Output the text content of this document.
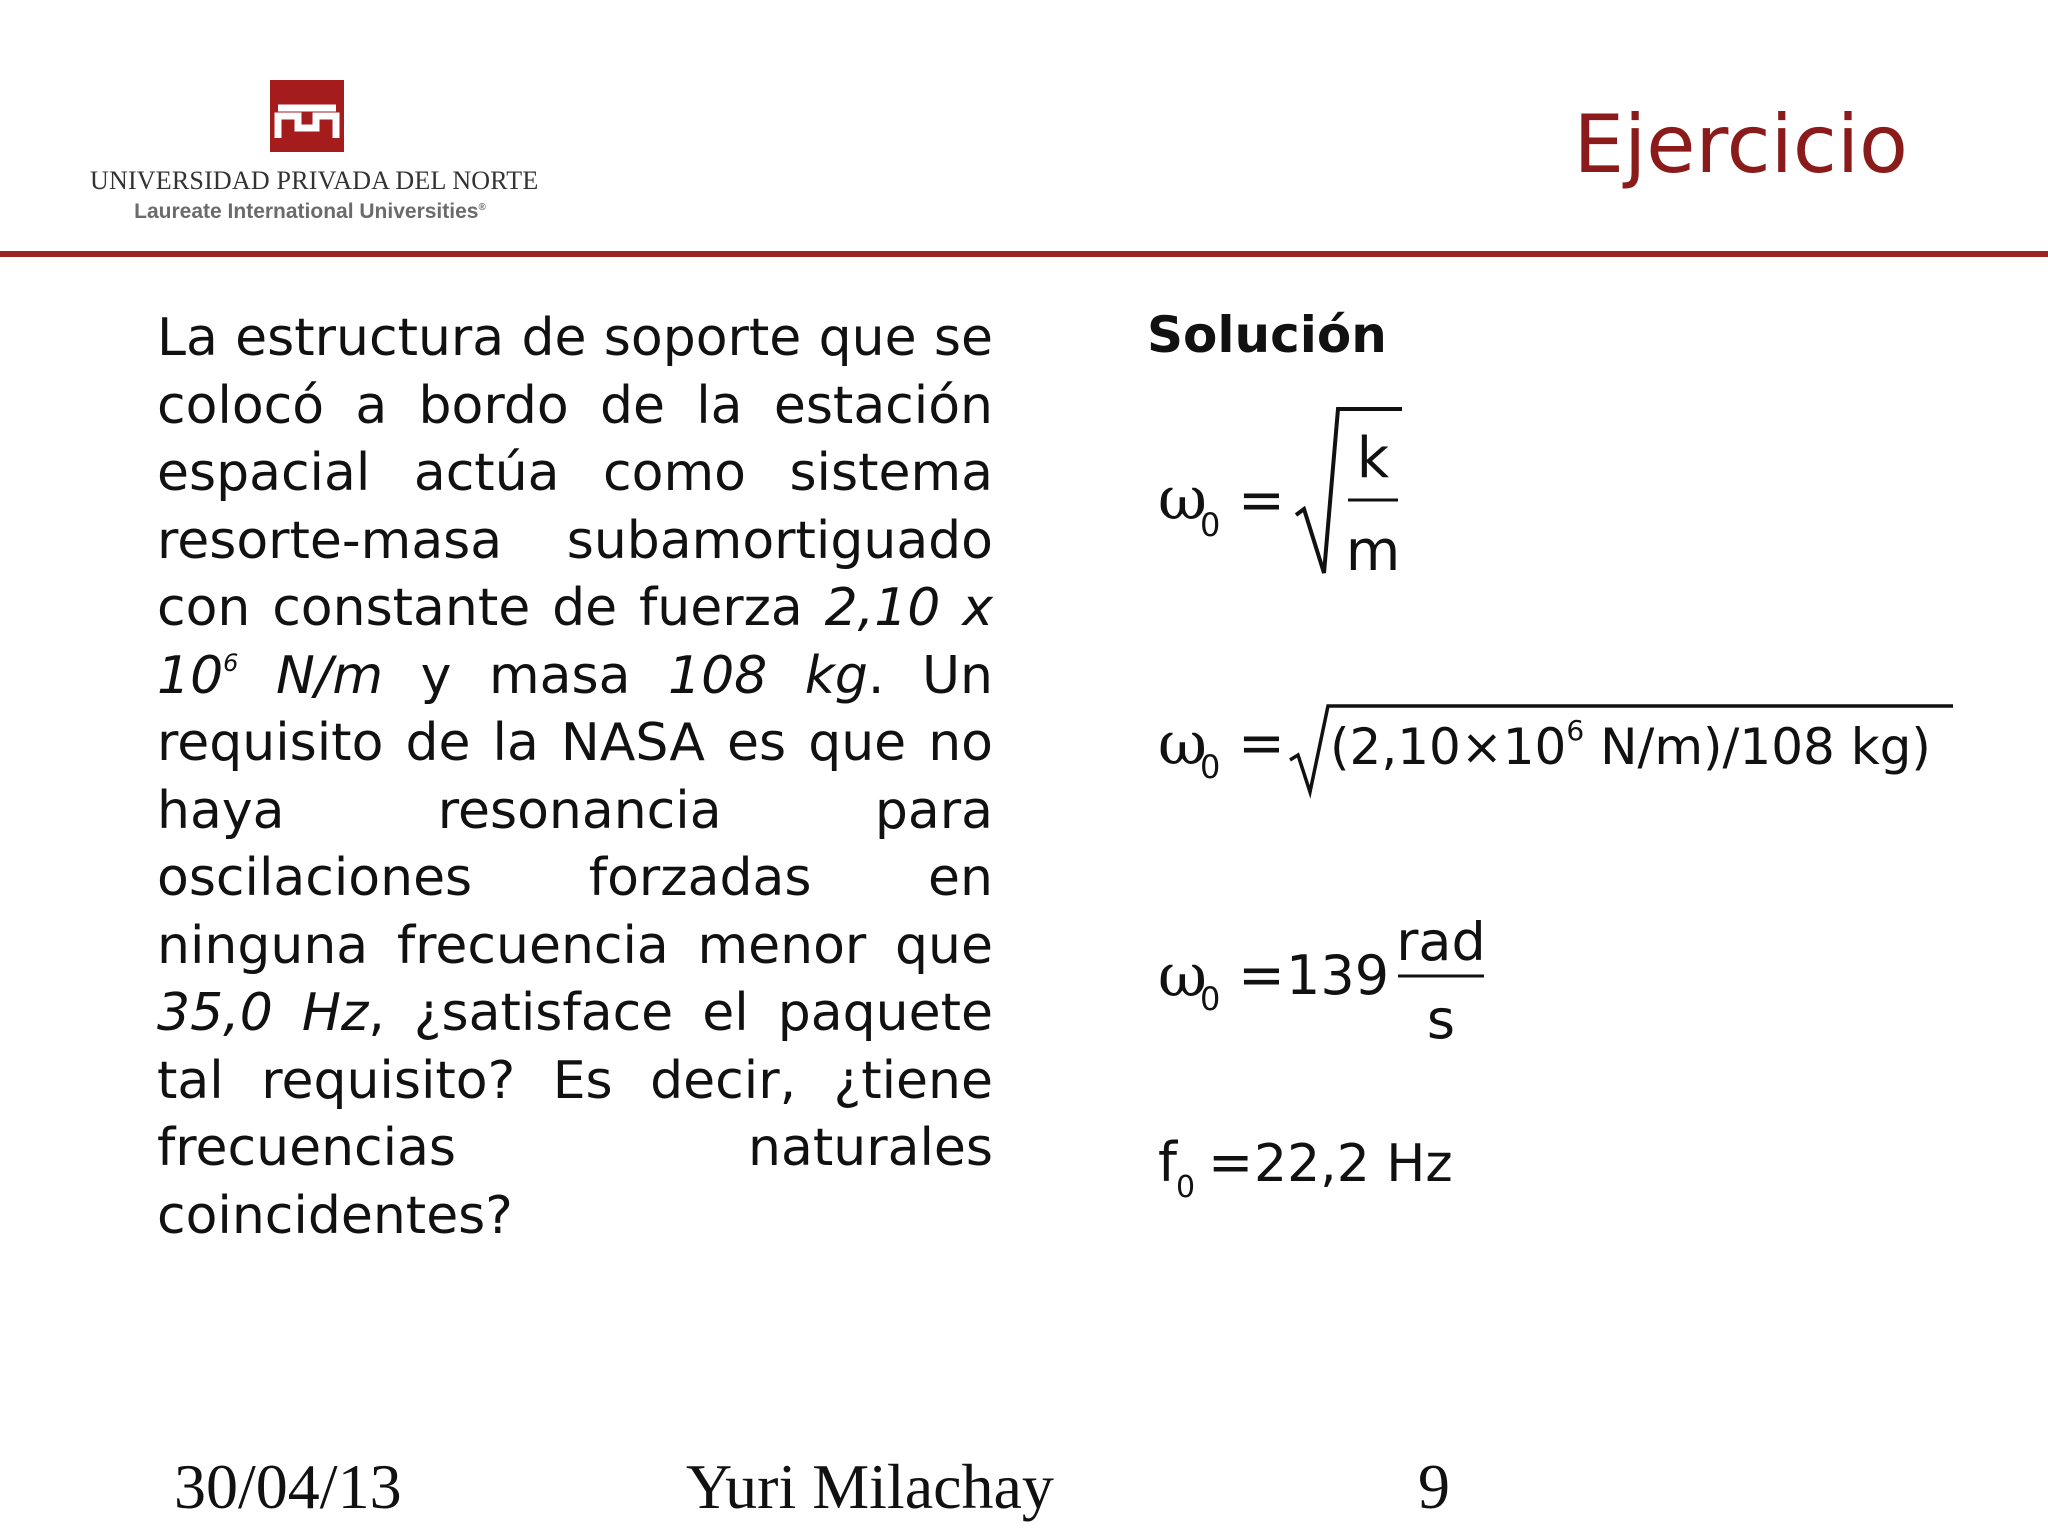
UNIVERSIDAD PRIVADA DEL NORTE
Laureate International Universities®
Ejercicio
La estructura de soporte que se colocó a bordo de la estación espacial actúa como sistema resorte-masa subamortiguado con constante de fuerza 2,10 x $10^6$ N/m y masa 108 kg. Un requisito de la NASA es que no haya resonancia para oscilaciones forzadas en ninguna frecuencia menor que 35,0 Hz, ¿satisface el paquete tal requisito? Es decir, ¿tiene frecuencias naturales coincidentes?
Solución
ω
0 =
k
m
ω
$0 = (2,10\times 10^6$ N/m)/108 kg)
ω
0 = 139
rad
s
f
0 = 22,2 Hz
30/04/13	Yuri Milachay	9
